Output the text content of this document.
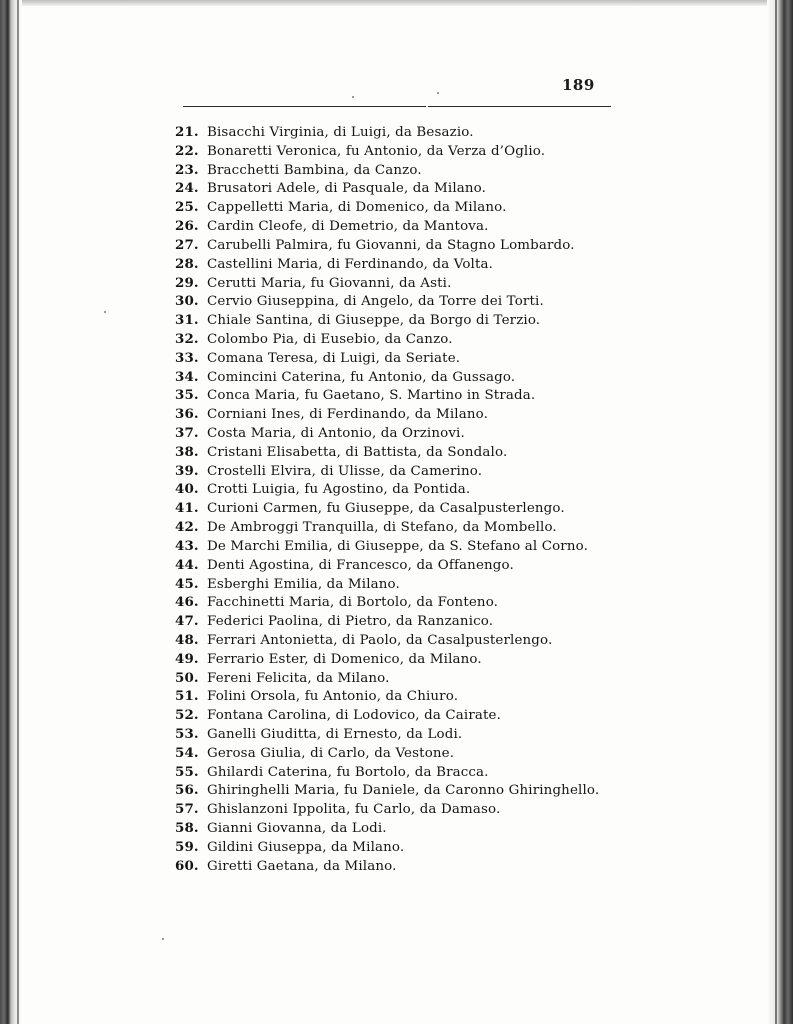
189
21. Bisacchi Virginia, di Luigi, da Besazio.
22. Bonaretti Veronica, fu Antonio, da Verza d’Oglio.
23. Bracchetti Bambina, da Canzo.
24. Brusatori Adele, di Pasquale, da Milano.
25. Cappelletti Maria, di Domenico, da Milano.
26. Cardin Cleofe, di Demetrio, da Mantova.
27. Carubelli Palmira, fu Giovanni, da Stagno Lombardo.
28. Castellini Maria, di Ferdinando, da Volta.
29. Cerutti Maria, fu Giovanni, da Asti.
30. Cervio Giuseppina, di Angelo, da Torre dei Torti.
31. Chiale Santina, di Giuseppe, da Borgo di Terzio.
32. Colombo Pia, di Eusebio, da Canzo.
33. Comana Teresa, di Luigi, da Seriate.
34. Comincini Caterina, fu Antonio, da Gussago.
35. Conca Maria, fu Gaetano, S. Martino in Strada.
36. Corniani Ines, di Ferdinando, da Milano.
37. Costa Maria, di Antonio, da Orzinovi.
38. Cristani Elisabetta, di Battista, da Sondalo.
39. Crostelli Elvira, di Ulisse, da Camerino.
40. Crotti Luigia, fu Agostino, da Pontida.
41. Curioni Carmen, fu Giuseppe, da Casalpusterlengo.
42. De Ambroggi Tranquilla, di Stefano, da Mombello.
43. De Marchi Emilia, di Giuseppe, da S. Stefano al Corno.
44. Denti Agostina, di Francesco, da Offanengo.
45. Esberghi Emilia, da Milano.
46. Facchinetti Maria, di Bortolo, da Fonteno.
47. Federici Paolina, di Pietro, da Ranzanico.
48. Ferrari Antonietta, di Paolo, da Casalpusterlengo.
49. Ferrario Ester, di Domenico, da Milano.
50. Fereni Felicita, da Milano.
51. Folini Orsola, fu Antonio, da Chiuro.
52. Fontana Carolina, di Lodovico, da Cairate.
53. Ganelli Giuditta, di Ernesto, da Lodi.
54. Gerosa Giulia, di Carlo, da Vestone.
55. Ghilardi Caterina, fu Bortolo, da Bracca.
56. Ghiringhelli Maria, fu Daniele, da Caronno Ghiringhello.
57. Ghislanzoni Ippolita, fu Carlo, da Damaso.
58. Gianni Giovanna, da Lodi.
59. Gildini Giuseppa, da Milano.
60. Giretti Gaetana, da Milano.
